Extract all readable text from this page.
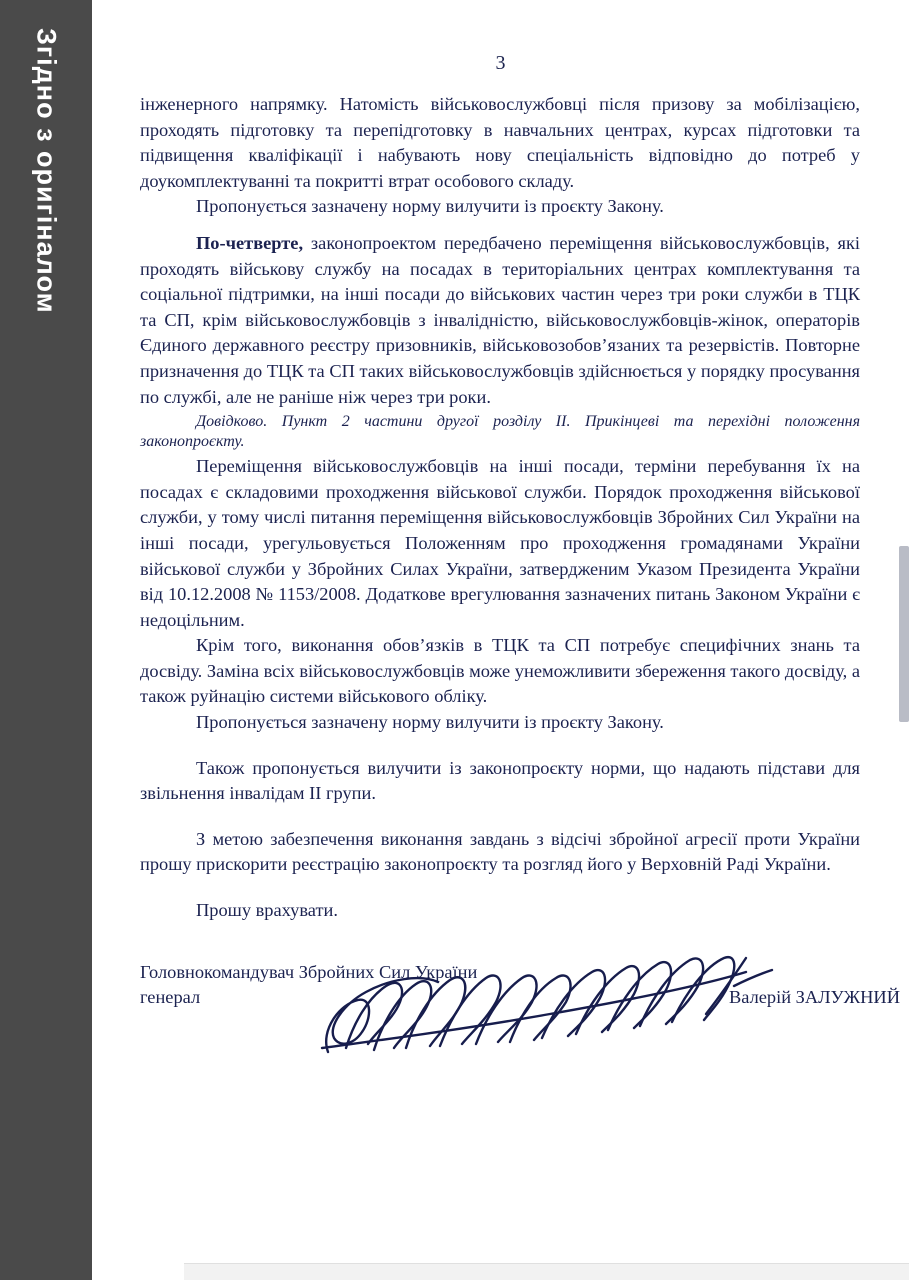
Згідно з оригіналом	3

інженерного напрямку. Натомість військовослужбовці після призову за мобілізацією, проходять підготовку та перепідготовку в навчальних центрах, курсах підготовки та підвищення кваліфікації і набувають нову спеціальність відповідно до потреб у доукомплектуванні та покритті втрат особового складу.

Пропонується зазначену норму вилучити із проєкту Закону.

По-четверте, законопроектом передбачено переміщення військовослужбовців, які проходять військову службу на посадах в територіальних центрах комплектування та соціальної підтримки, на інші посади до військових частин через три роки служби в ТЦК та СП, крім військовослужбовців з інвалідністю, військовослужбовців-жінок, операторів Єдиного державного реєстру призовників, військовозобов’язаних та резервістів. Повторне призначення до ТЦК та СП таких військовослужбовців здійснюється у порядку просування по службі, але не раніше ніж через три роки.

Довідково. Пункт 2 частини другої розділу ІІ. Прикінцеві та перехідні положення законопроєкту.

Переміщення військовослужбовців на інші посади, терміни перебування їх на посадах є складовими проходження військової служби. Порядок проходження військової служби, у тому числі питання переміщення військовослужбовців Збройних Сил України на інші посади, урегульовується Положенням про проходження громадянами України військової служби у Збройних Силах України, затвердженим Указом Президента України від 10.12.2008 № 1153/2008. Додаткове врегулювання зазначених питань Законом України є недоцільним.

Крім того, виконання обов’язків в ТЦК та СП потребує специфічних знань та досвіду. Заміна всіх військовослужбовців може унеможливити збереження такого досвіду, а також руйнацію системи військового обліку.

Пропонується зазначену норму вилучити із проєкту Закону.

Також пропонується вилучити із законопроєкту норми, що надають підстави для звільнення інвалідам ІІ групи.

З метою забезпечення виконання завдань з відсічі збройної агресії проти України прошу прискорити реєстрацію законопроєкту та розгляд його у Верховній Раді України.

Прошу врахувати.

Головнокомандувач Збройних Сил України
генерал	Валерій ЗАЛУЖНИЙ
